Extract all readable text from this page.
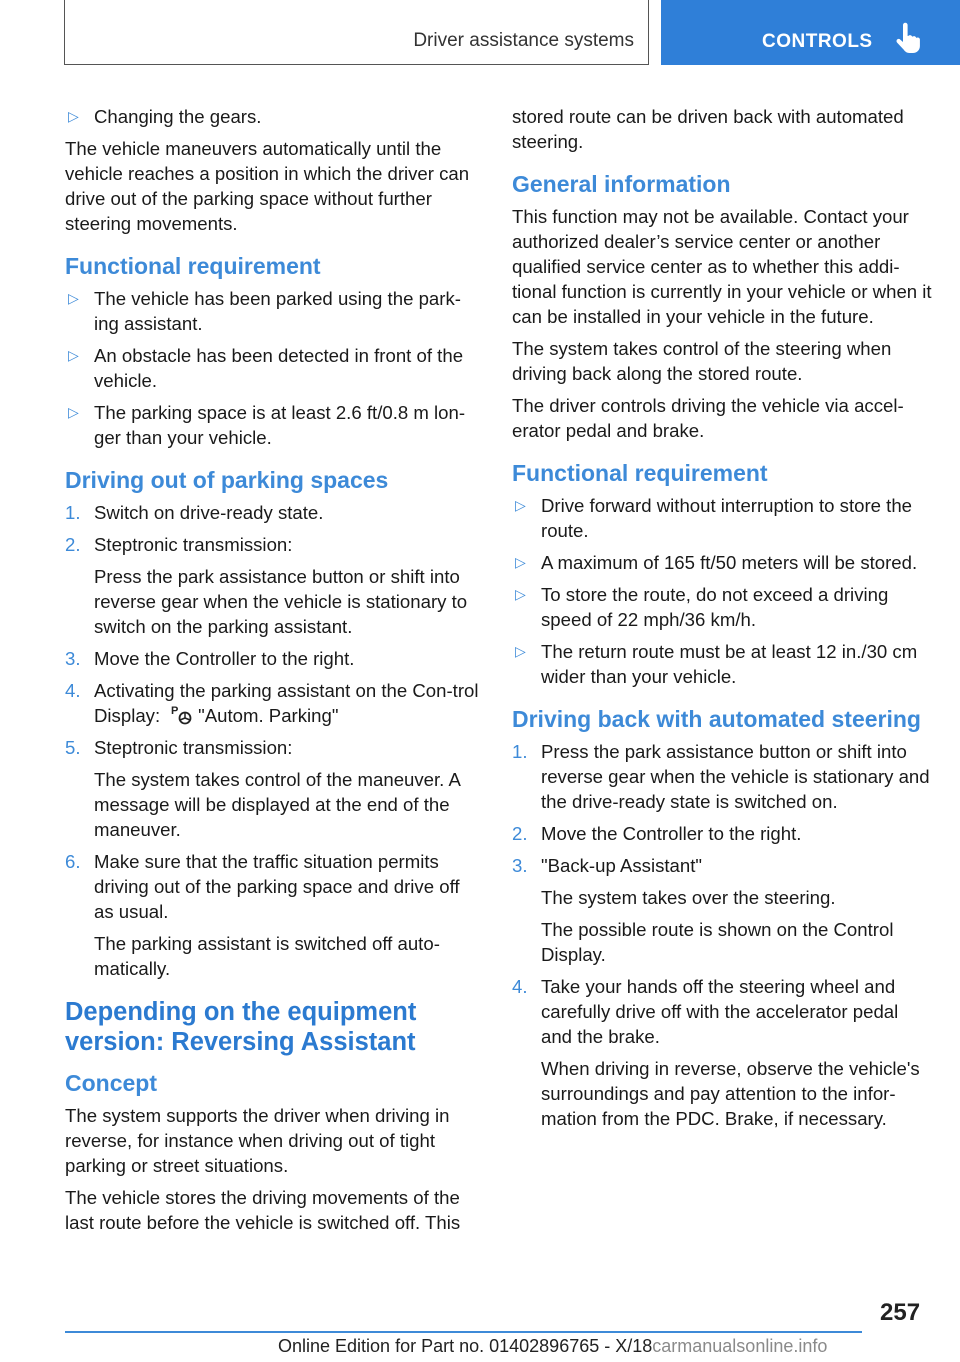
Driver assistance systems	CONTROLS
▷ Changing the gears.

The vehicle maneuvers automatically until the vehicle reaches a position in which the driver can drive out of the parking space without further steering movements.

Functional requirement
▷ The vehicle has been parked using the park‐ing assistant.
▷ An obstacle has been detected in front of the vehicle.
▷ The parking space is at least 2.6 ft/0.8 m lon‐ger than your vehicle.
Driving out of parking spaces
1. Switch on drive-ready state.
2. Steptronic transmission:
Press the park assistance button or shift into reverse gear when the vehicle is stationary to switch on the parking assistant.
3. Move the Controller to the right.
4. Activating the parking assistant on the Con‐trol Display: P "Autom. Parking"
5. Steptronic transmission:
The system takes control of the maneuver. A message will be displayed at the end of the maneuver.
6. Make sure that the traffic situation permits driving out of the parking space and drive off as usual.
The parking assistant is switched off auto‐matically.
Depending on the equipment version: Reversing Assistant
Concept

The system supports the driver when driving in reverse, for instance when driving out of tight parking or street situations.

The vehicle stores the driving movements of the last route before the vehicle is switched off. This

stored route can be driven back with automated steering.

General information

This function may not be available. Contact your authorized dealer’s service center or another qualified service center as to whether this addi‐tional function is currently in your vehicle or when it can be installed in your vehicle in the future.

The system takes control of the steering when driving back along the stored route.

The driver controls driving the vehicle via accel‐erator pedal and brake.

Functional requirement
▷ Drive forward without interruption to store the route.
▷ A maximum of 165 ft/50 meters will be stored.
▷ To store the route, do not exceed a driving speed of 22 mph/36 km/h.
▷ The return route must be at least 12 in./30 cm wider than your vehicle.
Driving back with automated steering
1. Press the park assistance button or shift into reverse gear when the vehicle is stationary and the drive-ready state is switched on.
2. Move the Controller to the right.
3. "Back-up Assistant"
The system takes over the steering.
The possible route is shown on the Control Display.
4. Take your hands off the steering wheel and carefully drive off with the accelerator pedal and the brake.
When driving in reverse, observe the vehicle's surroundings and pay attention to the infor‐mation from the PDC. Brake, if necessary.
257
Online Edition for Part no. 01402896765 - X/18carmanualsonline.info
